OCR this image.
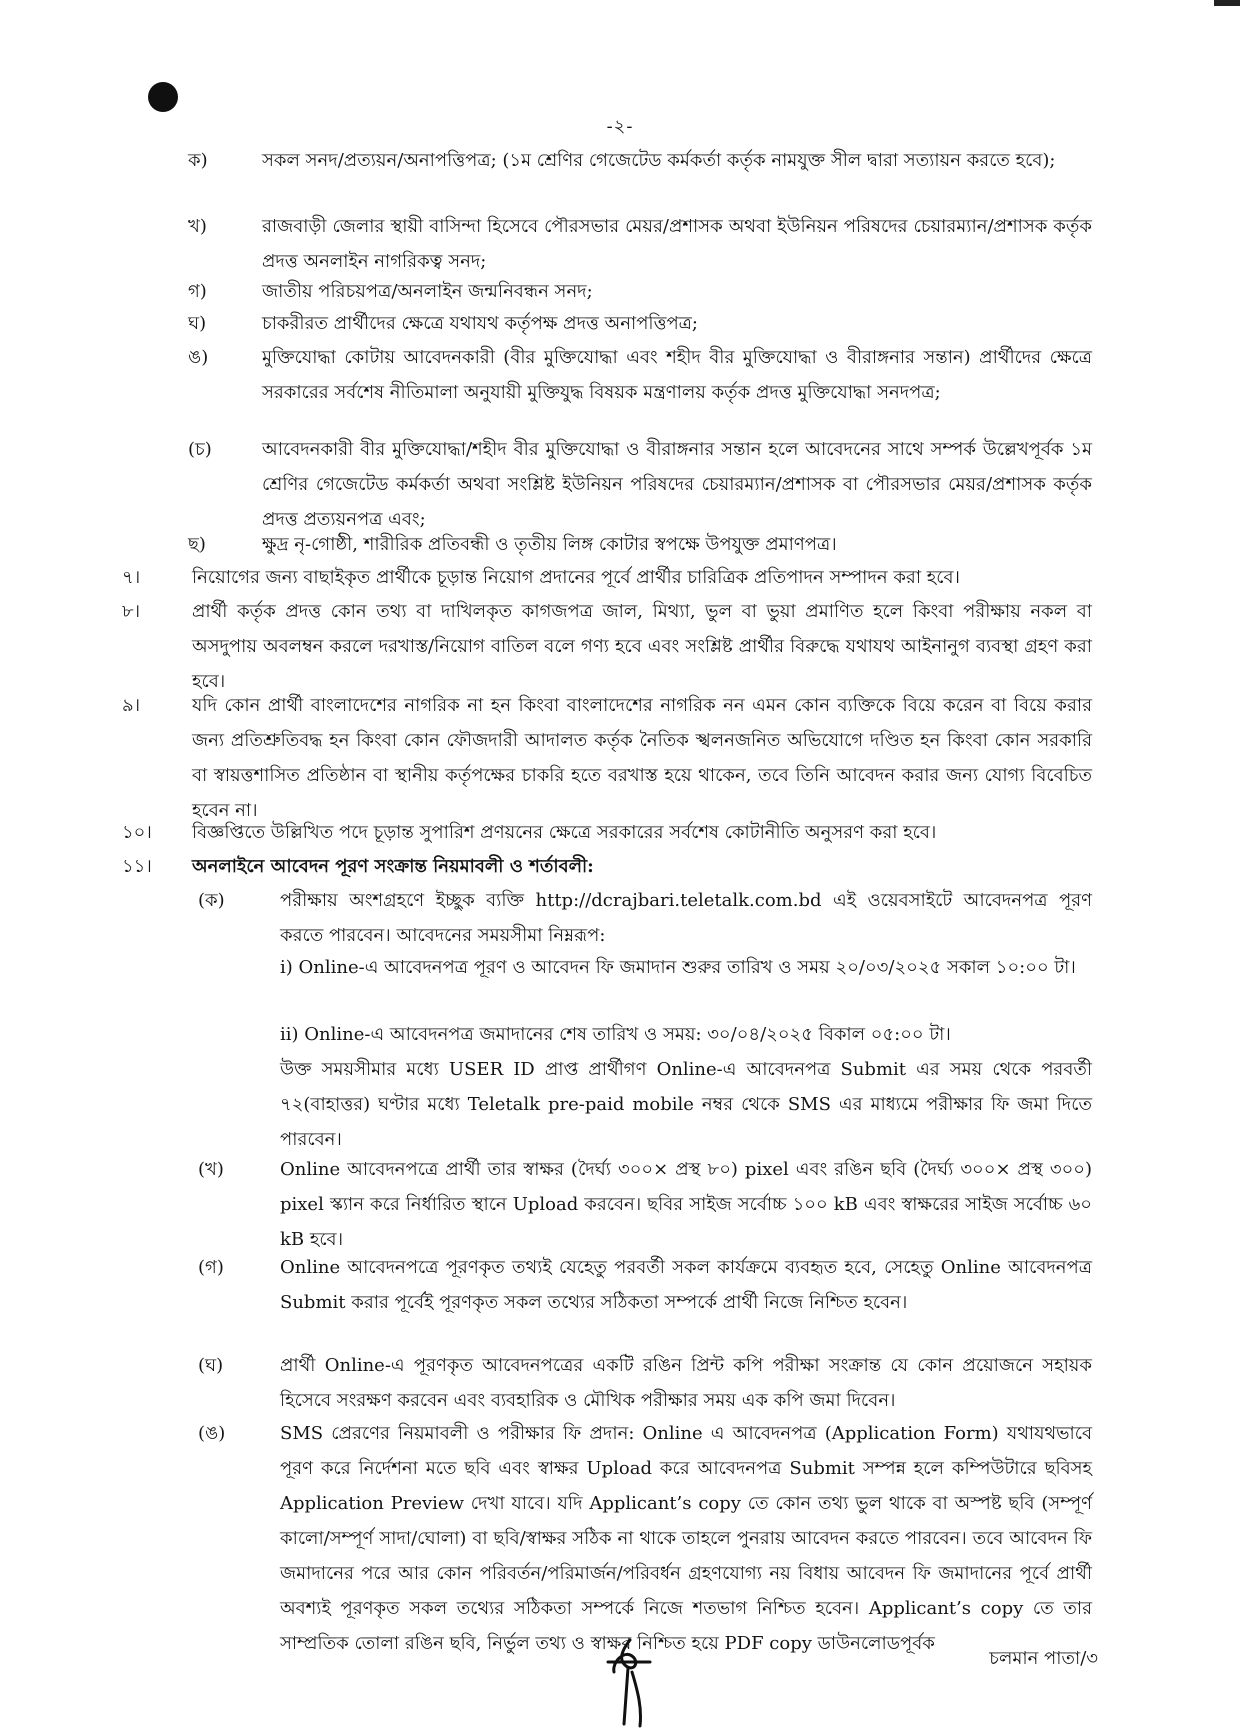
-২-
ক)	সকল সনদ/প্রত্যয়ন/অনাপত্তিপত্র; (১ম শ্রেণির গেজেটেড কর্মকর্তা কর্তৃক নামযুক্ত সীল দ্বারা সত্যায়ন করতে হবে);
খ)	রাজবাড়ী জেলার স্থায়ী বাসিন্দা হিসেবে পৌরসভার মেয়র/প্রশাসক অথবা ইউনিয়ন পরিষদের চেয়ারম্যান/প্রশাসক কর্তৃক প্রদত্ত অনলাইন নাগরিকত্ব সনদ;
গ)	জাতীয় পরিচয়পত্র/অনলাইন জন্মনিবন্ধন সনদ;
ঘ)	চাকরীরত প্রার্থীদের ক্ষেত্রে যথাযথ কর্তৃপক্ষ প্রদত্ত অনাপত্তিপত্র;
ঙ)	মুক্তিযোদ্ধা কোটায় আবেদনকারী (বীর মুক্তিযোদ্ধা এবং শহীদ বীর মুক্তিযোদ্ধা ও বীরাঙ্গনার সন্তান) প্রার্থীদের ক্ষেত্রে সরকারের সর্বশেষ নীতিমালা অনুযায়ী মুক্তিযুদ্ধ বিষয়ক মন্ত্রণালয় কর্তৃক প্রদত্ত মুক্তিযোদ্ধা সনদপত্র;
(চ)	আবেদনকারী বীর মুক্তিযোদ্ধা/শহীদ বীর মুক্তিযোদ্ধা ও বীরাঙ্গনার সন্তান হলে আবেদনের সাথে সম্পর্ক উল্লেখপূর্বক ১ম শ্রেণির গেজেটেড কর্মকর্তা অথবা সংশ্লিষ্ট ইউনিয়ন পরিষদের চেয়ারম্যান/প্রশাসক বা পৌরসভার মেয়র/প্রশাসক কর্তৃক প্রদত্ত প্রত্যয়নপত্র এবং;
ছ)	ক্ষুদ্র নৃ-গোষ্ঠী, শারীরিক প্রতিবন্ধী ও তৃতীয় লিঙ্গ কোটার স্বপক্ষে উপযুক্ত প্রমাণপত্র।
৭।	নিয়োগের জন্য বাছাইকৃত প্রার্থীকে চূড়ান্ত নিয়োগ প্রদানের পূর্বে প্রার্থীর চারিত্রিক প্রতিপাদন সম্পাদন করা হবে।
৮।	প্রার্থী কর্তৃক প্রদত্ত কোন তথ্য বা দাখিলকৃত কাগজপত্র জাল, মিথ্যা, ভুল বা ভুয়া প্রমাণিত হলে কিংবা পরীক্ষায় নকল বা অসদুপায় অবলম্বন করলে দরখাস্ত/নিয়োগ বাতিল বলে গণ্য হবে এবং সংশ্লিষ্ট প্রার্থীর বিরুদ্ধে যথাযথ আইনানুগ ব্যবস্থা গ্রহণ করা হবে।
৯।	যদি কোন প্রার্থী বাংলাদেশের নাগরিক না হন কিংবা বাংলাদেশের নাগরিক নন এমন কোন ব্যক্তিকে বিয়ে করেন বা বিয়ে করার জন্য প্রতিশ্রুতিবদ্ধ হন কিংবা কোন ফৌজদারী আদালত কর্তৃক নৈতিক স্খলনজনিত অভিযোগে দণ্ডিত হন কিংবা কোন সরকারি বা স্বায়ত্তশাসিত প্রতিষ্ঠান বা স্থানীয় কর্তৃপক্ষের চাকরি হতে বরখাস্ত হয়ে থাকেন, তবে তিনি আবেদন করার জন্য যোগ্য বিবেচিত হবেন না।
১০।	বিজ্ঞপ্তিতে উল্লিখিত পদে চূড়ান্ত সুপারিশ প্রণয়নের ক্ষেত্রে সরকারের সর্বশেষ কোটানীতি অনুসরণ করা হবে।
১১।	অনলাইনে আবেদন পূরণ সংক্রান্ত নিয়মাবলী ও শর্তাবলী:
(ক)	পরীক্ষায় অংশগ্রহণে ইচ্ছুক ব্যক্তি http://dcrajbari.teletalk.com.bd এই ওয়েবসাইটে আবেদনপত্র পূরণ করতে পারবেন। আবেদনের সময়সীমা নিম্নরূপ:
i) Online-এ আবেদনপত্র পূরণ ও আবেদন ফি জমাদান শুরুর তারিখ ও সময় ২০/০৩/২০২৫ সকাল ১০:০০ টা।
ii) Online-এ আবেদনপত্র জমাদানের শেষ তারিখ ও সময়: ৩০/০৪/২০২৫ বিকাল ০৫:০০ টা।
উক্ত সময়সীমার মধ্যে USER ID প্রাপ্ত প্রার্থীগণ Online-এ আবেদনপত্র Submit এর সময় থেকে পরবর্তী ৭২(বাহাত্তর) ঘণ্টার মধ্যে Teletalk pre-paid mobile নম্বর থেকে SMS এর মাধ্যমে পরীক্ষার ফি জমা দিতে পারবেন।
(খ)	Online আবেদনপত্রে প্রার্থী তার স্বাক্ষর (দৈর্ঘ্য ৩০০× প্রস্থ ৮০) pixel এবং রঙিন ছবি (দৈর্ঘ্য ৩০০× প্রস্থ ৩০০) pixel স্ক্যান করে নির্ধারিত স্থানে Upload করবেন। ছবির সাইজ সর্বোচ্চ ১০০ kB এবং স্বাক্ষরের সাইজ সর্বোচ্চ ৬০ kB হবে।
(গ)	Online আবেদনপত্রে পূরণকৃত তথ্যই যেহেতু পরবর্তী সকল কার্যক্রমে ব্যবহৃত হবে, সেহেতু Online আবেদনপত্র Submit করার পূর্বেই পূরণকৃত সকল তথ্যের সঠিকতা সম্পর্কে প্রার্থী নিজে নিশ্চিত হবেন।
(ঘ)	প্রার্থী Online-এ পূরণকৃত আবেদনপত্রের একটি রঙিন প্রিন্ট কপি পরীক্ষা সংক্রান্ত যে কোন প্রয়োজনে সহায়ক হিসেবে সংরক্ষণ করবেন এবং ব্যবহারিক ও মৌখিক পরীক্ষার সময় এক কপি জমা দিবেন।
(ঙ)	SMS প্রেরণের নিয়মাবলী ও পরীক্ষার ফি প্রদান: Online এ আবেদনপত্র (Application Form) যথাযথভাবে পূরণ করে নির্দেশনা মতে ছবি এবং স্বাক্ষর Upload করে আবেদনপত্র Submit সম্পন্ন হলে কম্পিউটারে ছবিসহ Application Preview দেখা যাবে। যদি Applicant’s copy তে কোন তথ্য ভুল থাকে বা অস্পষ্ট ছবি (সম্পূর্ণ কালো/সম্পূর্ণ সাদা/ঘোলা) বা ছবি/স্বাক্ষর সঠিক না থাকে তাহলে পুনরায় আবেদন করতে পারবেন। তবে আবেদন ফি জমাদানের পরে আর কোন পরিবর্তন/পরিমার্জন/পরিবর্ধন গ্রহণযোগ্য নয় বিধায় আবেদন ফি জমাদানের পূর্বে প্রার্থী অবশ্যই পূরণকৃত সকল তথ্যের সঠিকতা সম্পর্কে নিজে শতভাগ নিশ্চিত হবেন। Applicant’s copy তে তার সাম্প্রতিক তোলা রঙিন ছবি, নির্ভুল তথ্য ও স্বাক্ষর নিশ্চিত হয়ে PDF copy ডাউনলোডপূর্বক
চলমান পাতা/৩
